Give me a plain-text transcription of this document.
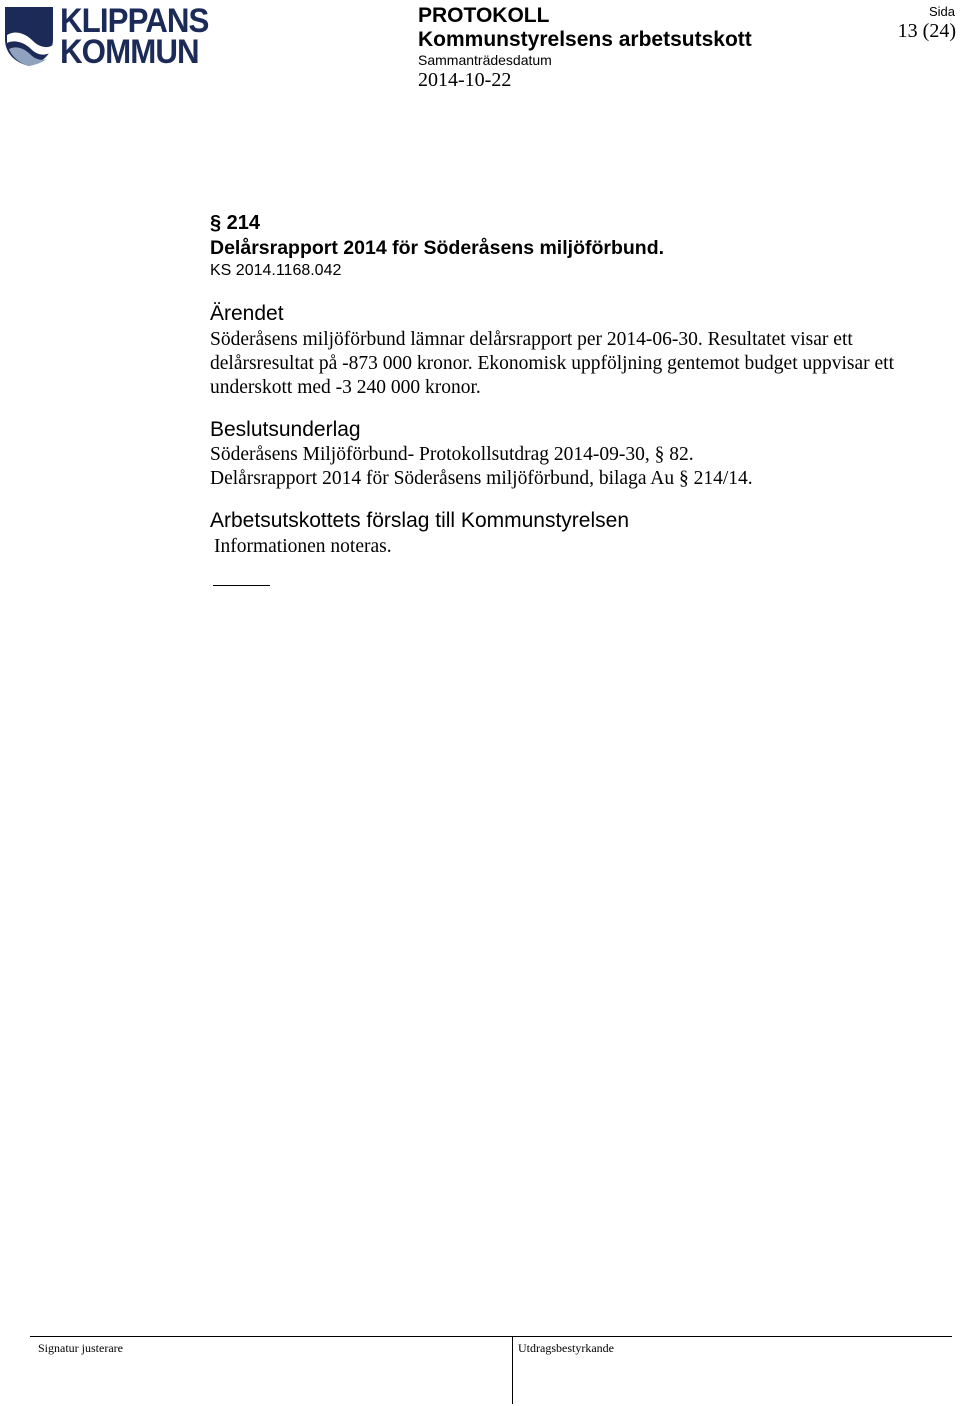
KLIPPANS
KOMMUN
PROTOKOLL
Kommunstyrelsens arbetsutskott
Sammanträdesdatum
2014-10-22
Sida
13 (24)

§ 214

Delårsrapport 2014 för Söderåsens miljöförbund.

KS 2014.1168.042

Ärendet

Söderåsens miljöförbund lämnar delårsrapport per 2014-06-30. Resultatet visar ett delårsresultat på -873 000 kronor. Ekonomisk uppföljning gentemot budget uppvisar ett underskott med -3 240 000 kronor.

Beslutsunderlag

Söderåsens Miljöförbund- Protokollsutdrag 2014-09-30, § 82.
Delårsrapport 2014 för Söderåsens miljöförbund, bilaga Au § 214/14.

Arbetsutskottets förslag till Kommunstyrelsen

Informationen noteras.

Signatur justerare	Utdragsbestyrkande
